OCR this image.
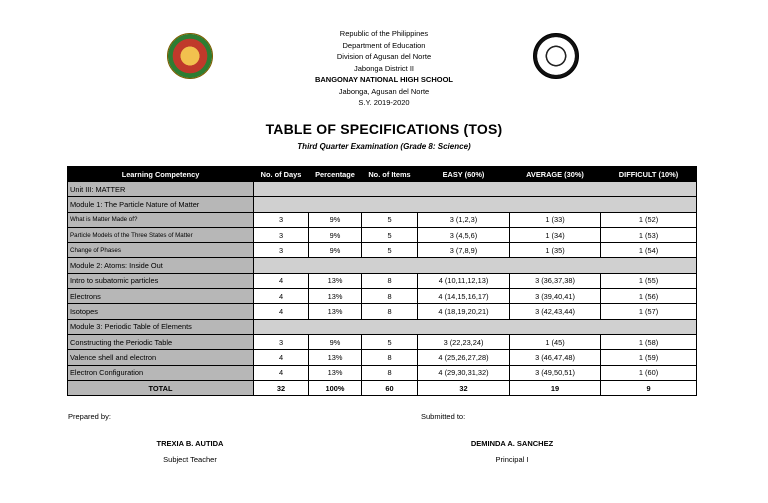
Republic of the Philippines
Department of Education
Division of Agusan del Norte
Jabonga District II
BANGONAY NATIONAL HIGH SCHOOL
Jabonga, Agusan del Norte
S.Y. 2019-2020
TABLE OF SPECIFICATIONS (TOS)
Third Quarter Examination (Grade 8: Science)
Learning Competency	No. of Days	Percentage	No. of Items	EASY (60%)	AVERAGE (30%)	DIFFICULT (10%)
Unit III: MATTER						
Module 1: The Particle Nature of Matter						
What is Matter Made of?	3	9%	5	3 (1,2,3)	1 (33)	1 (52)
Particle Models of the Three States of Matter	3	9%	5	3 (4,5,6)	1 (34)	1 (53)
Change of Phases	3	9%	5	3 (7,8,9)	1 (35)	1 (54)
Module 2: Atoms: Inside Out						
Intro to subatomic particles	4	13%	8	4 (10,11,12,13)	3 (36,37,38)	1 (55)
Electrons	4	13%	8	4 (14,15,16,17)	3 (39,40,41)	1 (56)
Isotopes	4	13%	8	4 (18,19,20,21)	3 (42,43,44)	1 (57)
Module 3: Periodic Table of Elements						
Constructing the Periodic Table	3	9%	5	3 (22,23,24)	1 (45)	1 (58)
Valence shell and electron	4	13%	8	4 (25,26,27,28)	3 (46,47,48)	1 (59)
Electron Configuration	4	13%	8	4 (29,30,31,32)	3 (49,50,51)	1 (60)
TOTAL	32	100%	60	32	19	9
Prepared by:	Submitted to:
TREXIA B. AUTIDA
Subject Teacher
DEMINDA A. SANCHEZ
Principal I
